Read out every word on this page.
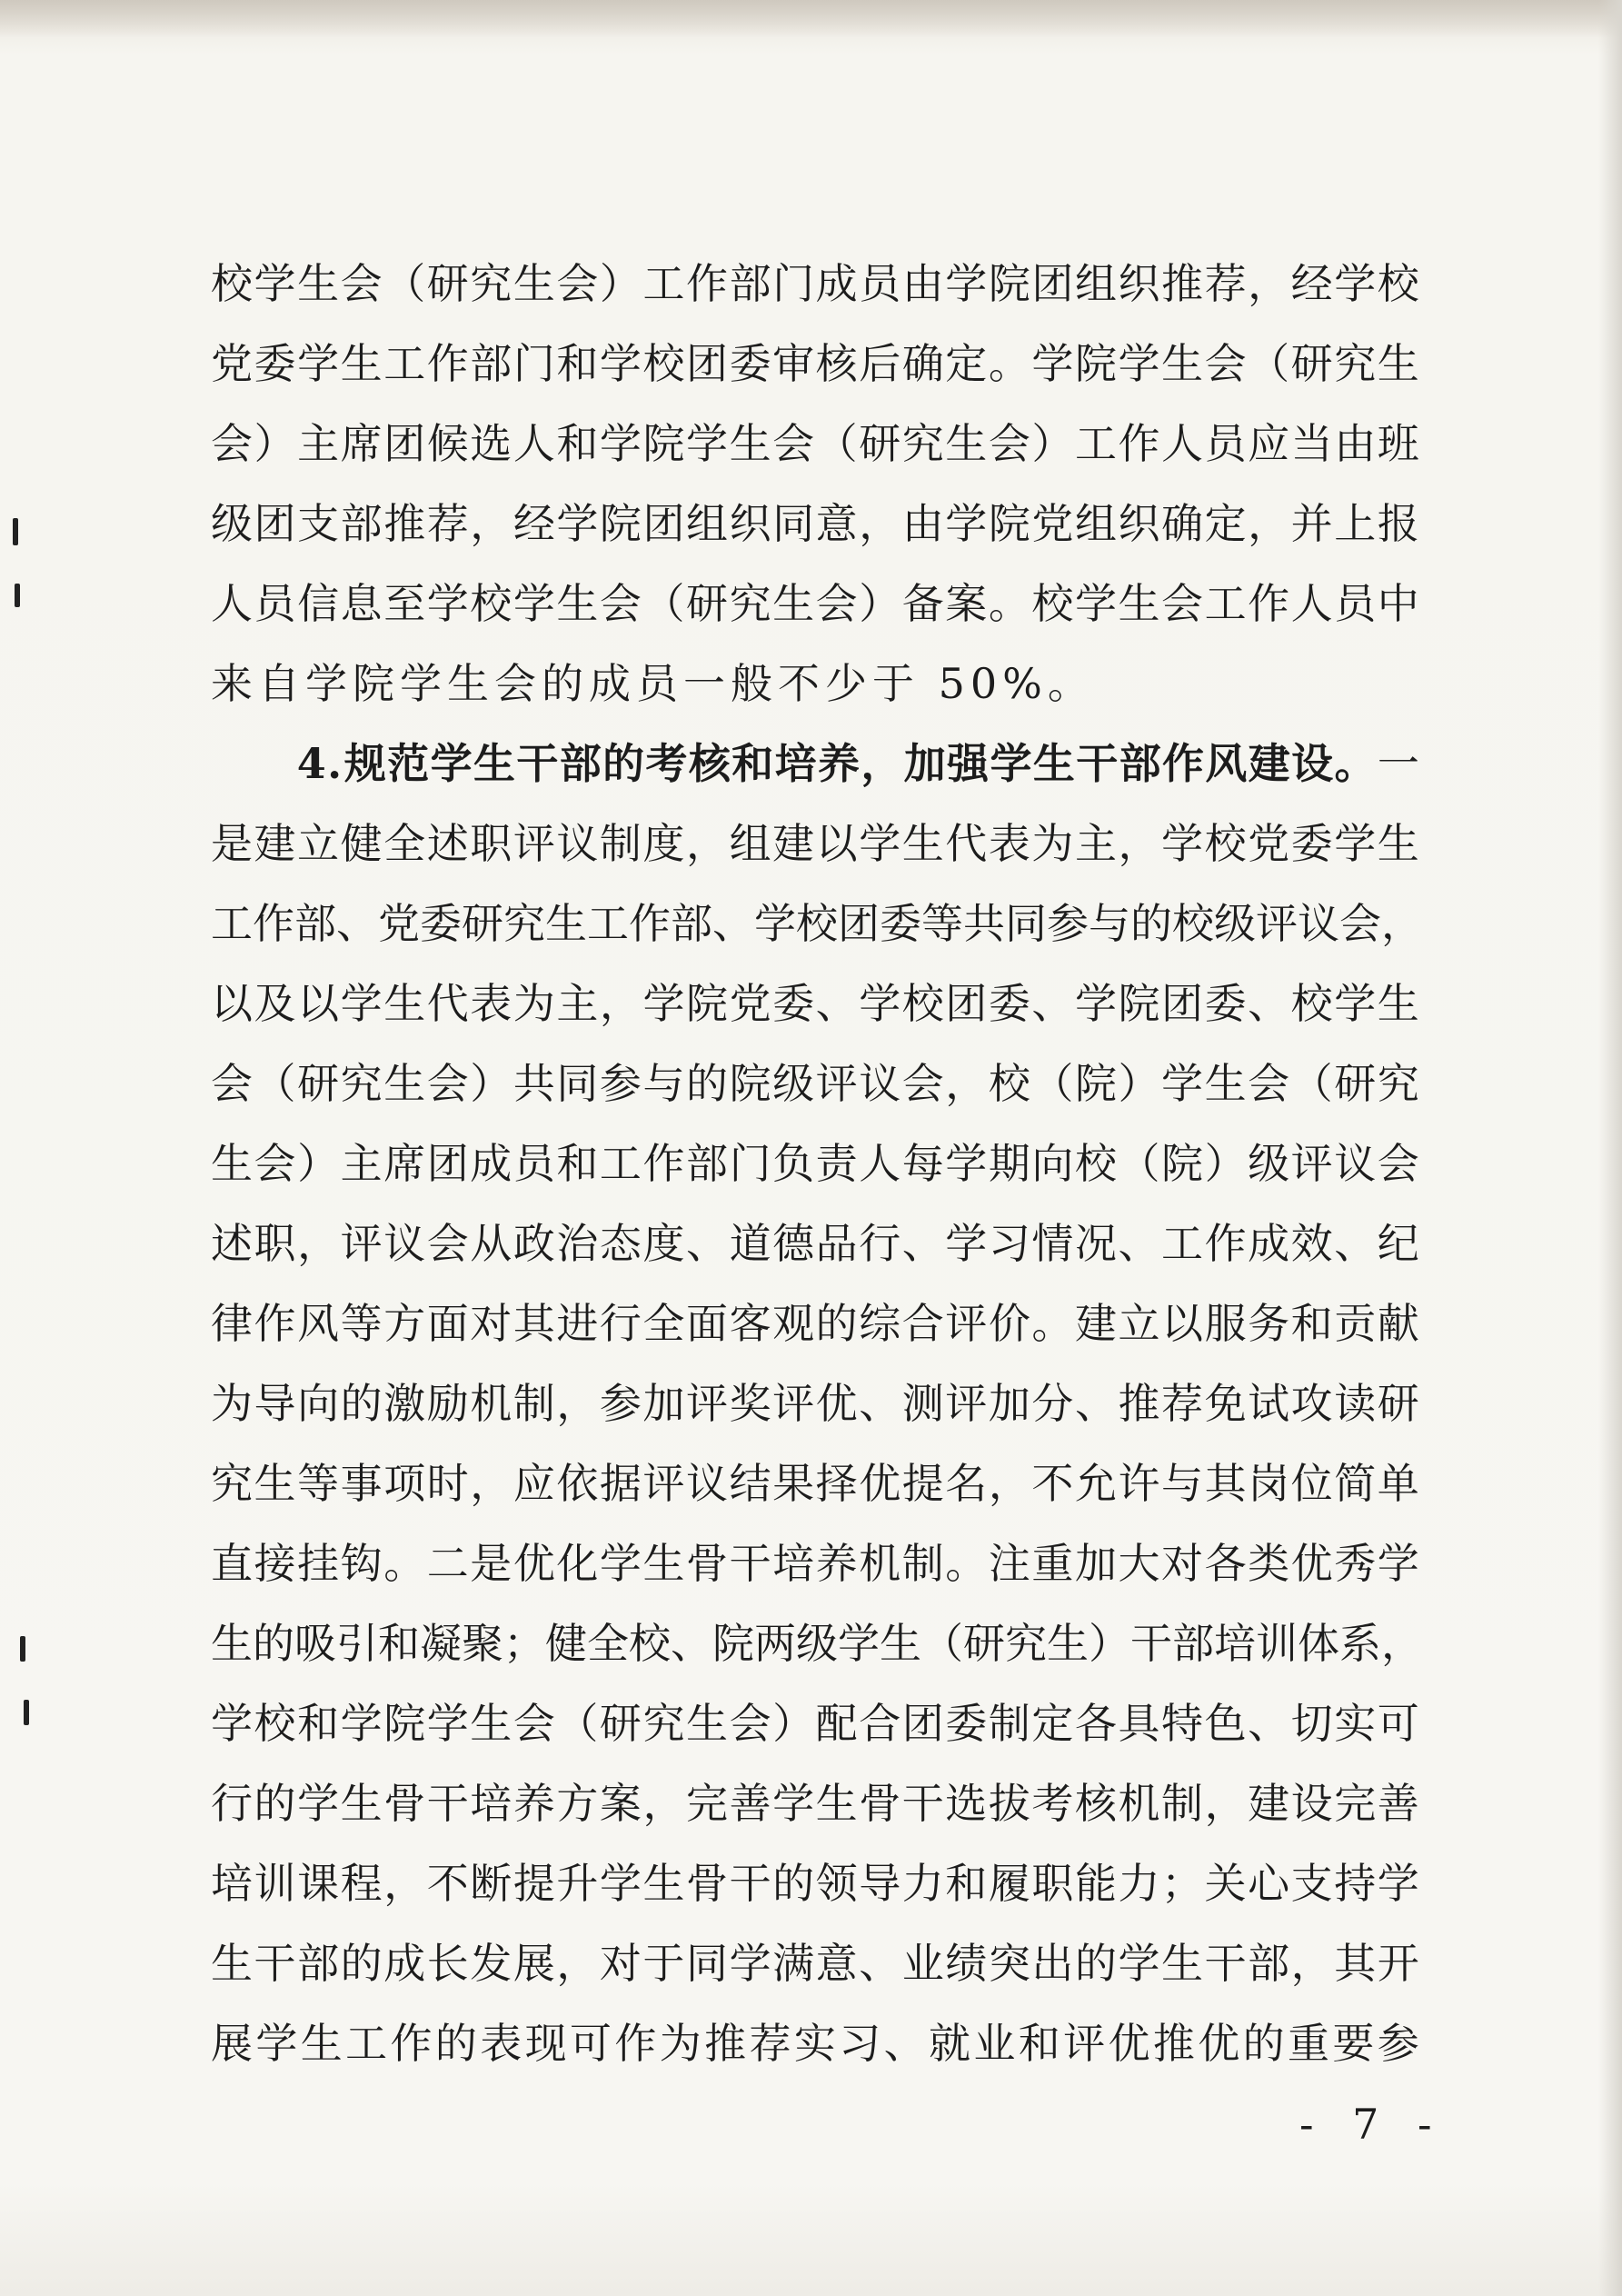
校 学 生 会 （ 研 究 生 会 ） 工 作 部 门 成 员 由 学 院 团 组 织 推 荐 ， 经 学 校
党 委 学 生 工 作 部 门 和 学 校 团 委 审 核 后 确 定 。 学 院 学 生 会 （ 研 究 生
会 ） 主 席 团 候 选 人 和 学 院 学 生 会 （ 研 究 生 会 ） 工 作 人 员 应 当 由 班
级 团 支 部 推 荐 ， 经 学 院 团 组 织 同 意 ， 由 学 院 党 组 织 确 定 ， 并 上 报
人 员 信 息 至 学 校 学 生 会 （ 研 究 生 会 ） 备 案 。 校 学 生 会 工 作 人 员 中
来自学院学生会的成员一般不少于 50%。

4 . 规 范 学 生 干 部 的 考 核 和 培 养 ， 加 强 学 生 干 部 作 风 建 设 。 一
是 建 立 健 全 述 职 评 议 制 度 ， 组 建 以 学 生 代 表 为 主 ， 学 校 党 委 学 生
工 作 部 、 党 委 研 究 生 工 作 部 、 学 校 团 委 等 共 同 参 与 的 校 级 评 议 会 ，
以 及 以 学 生 代 表 为 主 ， 学 院 党 委 、 学 校 团 委 、 学 院 团 委 、 校 学 生
会 （ 研 究 生 会 ） 共 同 参 与 的 院 级 评 议 会 ， 校 （ 院 ） 学 生 会 （ 研 究
生 会 ） 主 席 团 成 员 和 工 作 部 门 负 责 人 每 学 期 向 校 （ 院 ） 级 评 议 会
述 职 ， 评 议 会 从 政 治 态 度 、 道 德 品 行 、 学 习 情 况 、 工 作 成 效 、 纪
律 作 风 等 方 面 对 其 进 行 全 面 客 观 的 综 合 评 价 。 建 立 以 服 务 和 贡 献
为 导 向 的 激 励 机 制 ， 参 加 评 奖 评 优 、 测 评 加 分 、 推 荐 免 试 攻 读 研
究 生 等 事 项 时 ， 应 依 据 评 议 结 果 择 优 提 名 ， 不 允 许 与 其 岗 位 简 单
直 接 挂 钩 。 二 是 优 化 学 生 骨 干 培 养 机 制 。 注 重 加 大 对 各 类 优 秀 学
生 的 吸 引 和 凝 聚 ； 健 全 校 、 院 两 级 学 生 （ 研 究 生 ） 干 部 培 训 体 系 ，
学 校 和 学 院 学 生 会 （ 研 究 生 会 ） 配 合 团 委 制 定 各 具 特 色 、 切 实 可
行 的 学 生 骨 干 培 养 方 案 ， 完 善 学 生 骨 干 选 拔 考 核 机 制 ， 建 设 完 善
培 训 课 程 ， 不 断 提 升 学 生 骨 干 的 领 导 力 和 履 职 能 力 ； 关 心 支 持 学
生 干 部 的 成 长 发 展 ， 对 于 同 学 满 意 、 业 绩 突 出 的 学 生 干 部 ， 其 开
展 学 生 工 作 的 表 现 可 作 为 推 荐 实 习 、 就 业 和 评 优 推 优 的 重 要 参
- 7 -
